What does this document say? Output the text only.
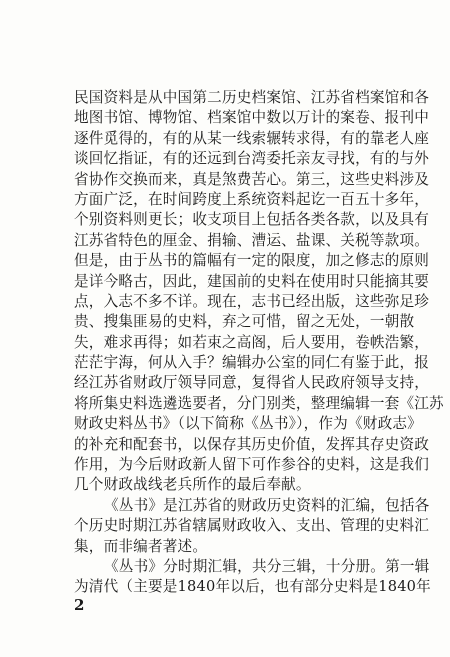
民国资料是从中国第二历史档案馆、江苏省档案馆和各
地图书馆、博物馆、档案馆中数以万计的案卷、报刊中
逐件觅得的，有的从某一线索辗转求得，有的靠老人座
谈回忆指证，有的还远到台湾委托亲友寻找，有的与外
省协作交换而来，真是煞费苦心。第三，这些史料涉及
方面广泛，在时间跨度上系统资料起讫一百五十多年，
个别资料则更长；收支项目上包括各类各款，以及具有
江苏省特色的厘金、捐输、漕运、盐课、关税等款项。
但是，由于丛书的篇幅有一定的限度，加之修志的原则
是详今略古，因此，建国前的史料在使用时只能摘其要
点，入志不多不详。现在，志书已经出版，这些弥足珍
贵、搜集匪易的史料，弃之可惜，留之无处，一朝散
失，难求再得；如若束之高阁，后人要用，卷帙浩繁，
茫茫宇海，何从入手？编辑办公室的同仁有鉴于此，报
经江苏省财政厅领导同意，复得省人民政府领导支持，
将所集史料选遴选要者，分门别类，整理编辑一套《江苏
财政史料丛书》（以下简称《丛书》），作为《财政志》
的补充和配套书，以保存其历史价值，发挥其存史资政
作用，为今后财政新人留下可作参谷的史料，这是我们
几个财政战线老兵所作的最后奉献。
《丛书》是江苏省的财政历史资料的汇编，包括各
个历史时期江苏省辖属财政收入、支出、管理的史料汇
集，而非编者著述。
《丛书》分时期汇辑，共分三辑，十分册。第一辑
为清代（主要是1840年以后，也有部分史料是1840年
2
